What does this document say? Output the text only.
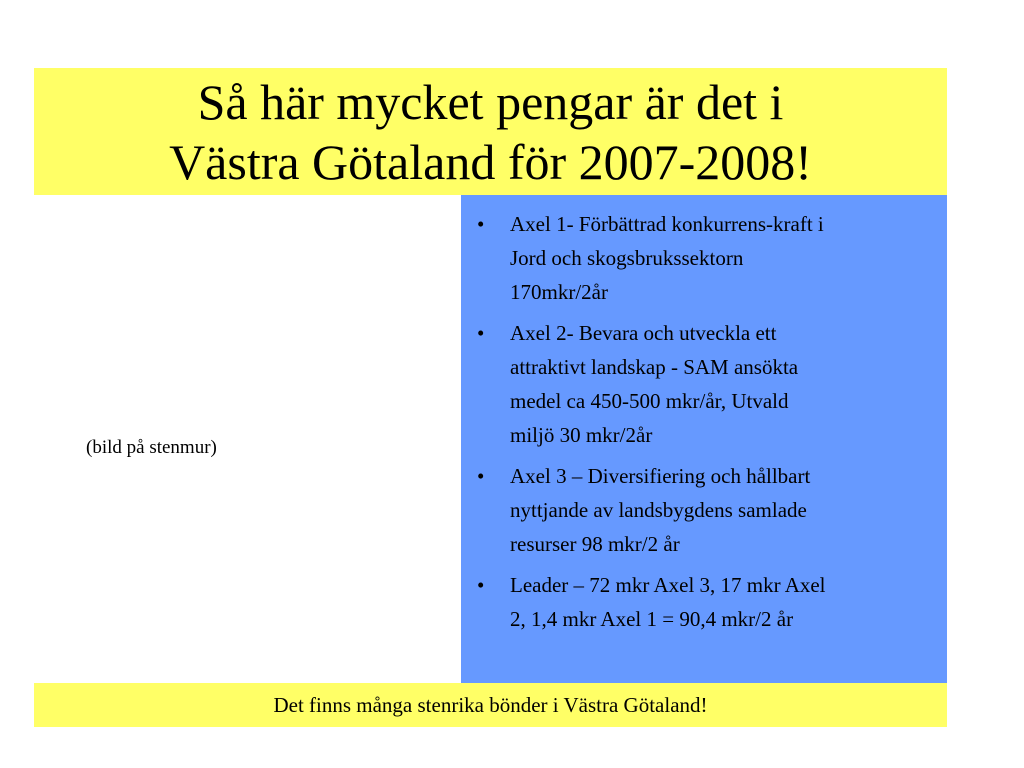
Så här mycket pengar är det i
Västra Götaland för 2007-2008!
(bild på stenmur)
• Axel 1- Förbättrad konkurrens-kraft i
Jord och skogsbrukssektorn
170mkr/2år
• Axel 2- Bevara och utveckla ett
attraktivt landskap - SAM ansökta
medel ca 450-500 mkr/år, Utvald
miljö 30 mkr/2år
• Axel 3 – Diversifiering och hållbart
nyttjande av landsbygdens samlade
resurser 98 mkr/2 år
• Leader – 72 mkr Axel 3, 17 mkr Axel
2, 1,4 mkr Axel 1 = 90,4 mkr/2 år
Det finns många stenrika bönder i Västra Götaland!
